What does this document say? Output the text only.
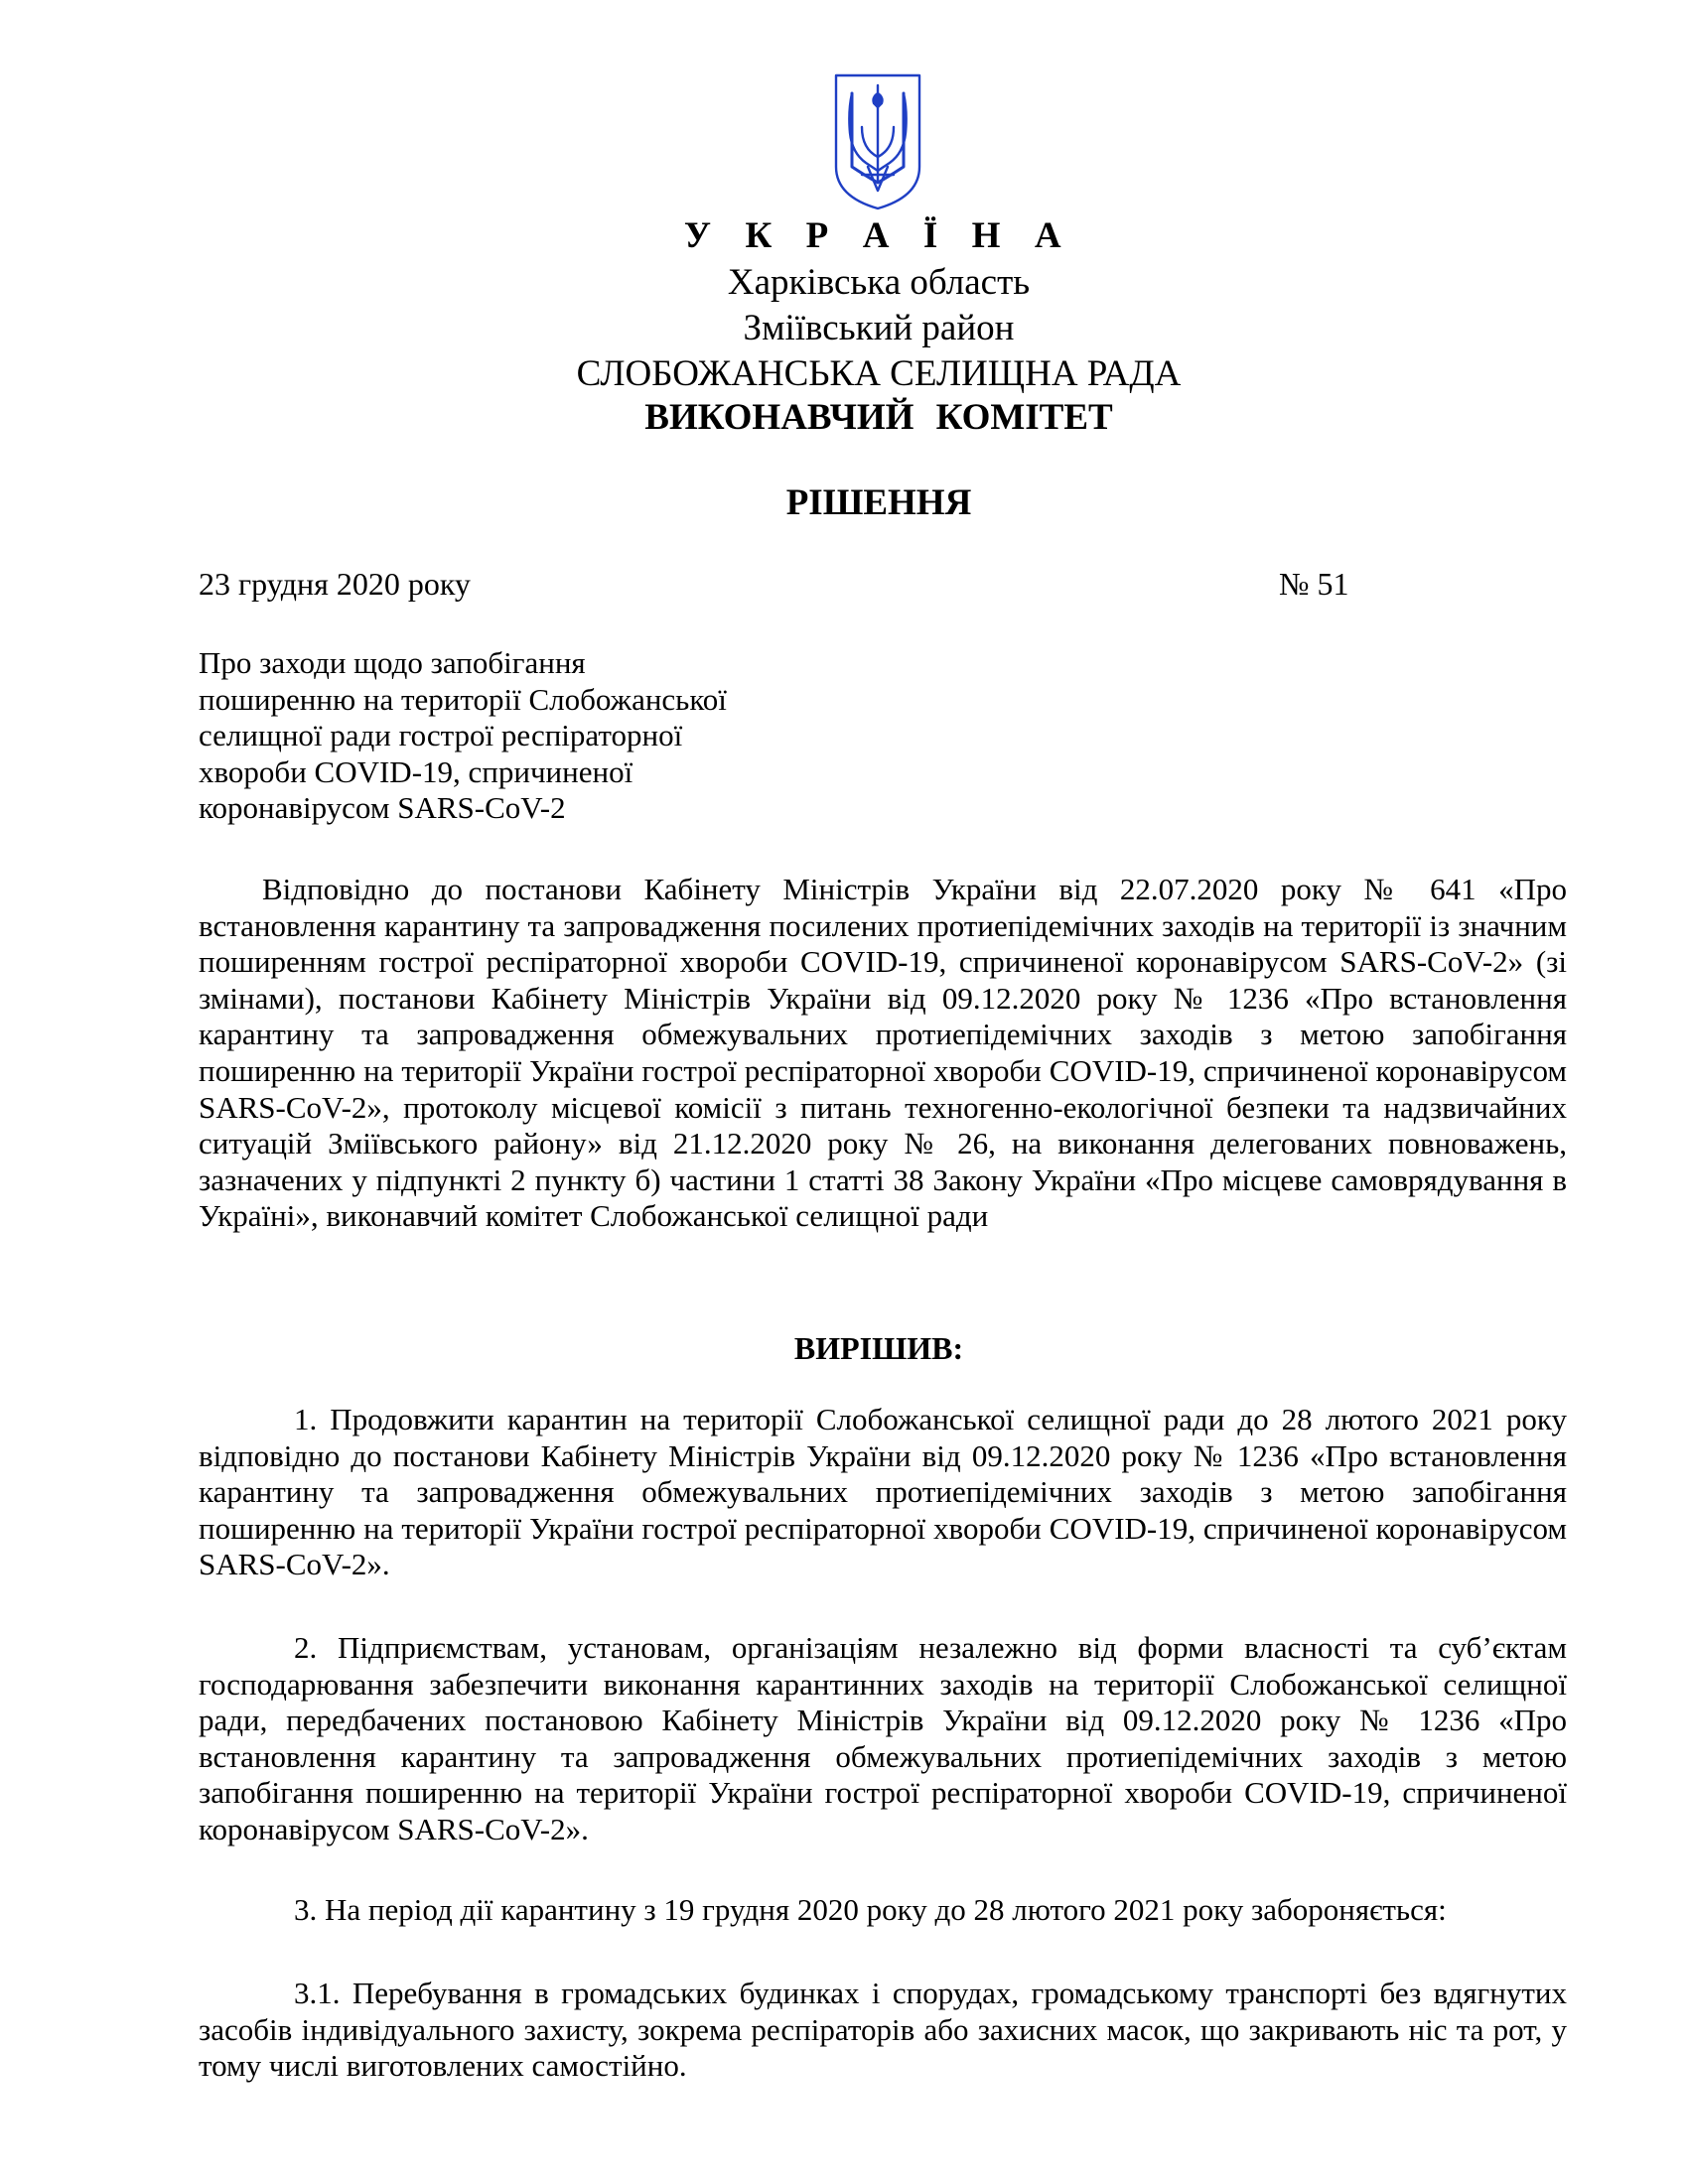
У К Р А Ї Н А
Харківська область
Зміївський район
СЛОБОЖАНСЬКА СЕЛИЩНА РАДА
ВИКОНАВЧИЙ КОМІТЕТ
РІШЕННЯ
23 грудня 2020 року	№ 51
Про заходи щодо запобігання
поширенню на території Слобожанської
селищної ради гострої респіраторної
хвороби COVID-19, спричиненої
коронавірусом SARS-CoV-2
Відповідно до постанови Кабінету Міністрів України від 22.07.2020 року № 641 «Про встановлення карантину та запровадження посилених протиепідемічних заходів на території із значним поширенням гострої респіраторної хвороби COVID-19, спричиненої коронавірусом SARS-CoV-2» (зі змінами), постанови Кабінету Міністрів України від 09.12.2020 року № 1236 «Про встановлення карантину та запровадження обмежувальних протиепідемічних заходів з метою запобігання поширенню на території України гострої респіраторної хвороби COVID-19, спричиненої коронавірусом SARS-CoV-2», протоколу місцевої комісії з питань техногенно-екологічної безпеки та надзвичайних ситуацій Зміївського району» від 21.12.2020 року № 26, на виконання делегованих повноважень, зазначених у підпункті 2 пункту б) частини 1 статті 38 Закону України «Про місцеве самоврядування в Україні», виконавчий комітет Слобожанської селищної ради
ВИРІШИВ:
1. Продовжити карантин на території Слобожанської селищної ради до 28 лютого 2021 року відповідно до постанови Кабінету Міністрів України від 09.12.2020 року № 1236 «Про встановлення карантину та запровадження обмежувальних протиепідемічних заходів з метою запобігання поширенню на території України гострої респіраторної хвороби COVID-19, спричиненої коронавірусом SARS-CoV-2».
2. Підприємствам, установам, організаціям незалежно від форми власності та суб’єктам господарювання забезпечити виконання карантинних заходів на території Слобожанської селищної ради, передбачених постановою Кабінету Міністрів України від 09.12.2020 року № 1236 «Про встановлення карантину та запровадження обмежувальних протиепідемічних заходів з метою запобігання поширенню на території України гострої респіраторної хвороби COVID-19, спричиненої коронавірусом SARS-CoV-2».
3. На період дії карантину з 19 грудня 2020 року до 28 лютого 2021 року забороняється:
3.1. Перебування в громадських будинках і спорудах, громадському транспорті без вдягнутих засобів індивідуального захисту, зокрема респіраторів або захисних масок, що закривають ніс та рот, у тому числі виготовлених самостійно.
